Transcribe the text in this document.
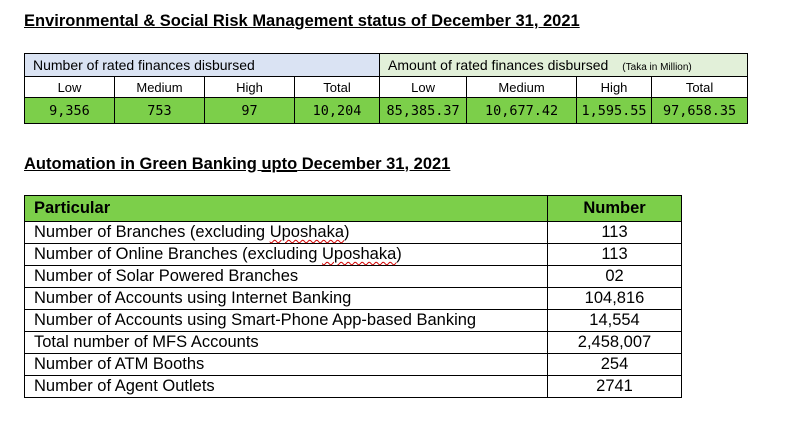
Environmental & Social Risk Management status of December 31, 2021
Number of rated finances disbursed				Amount of rated finances disbursed (Taka in Million)			
Low	Medium	High	Total	Low	Medium	High	Total
9,356	753	97	10,204	85,385.37	10,677.42	1,595.55	97,658.35
Automation in Green Banking upto December 31, 2021
Particular	Number
Number of Branches (excluding Uposhaka)	113
Number of Online Branches (excluding Uposhaka)	113
Number of Solar Powered Branches	02
Number of Accounts using Internet Banking	104,816
Number of Accounts using Smart-Phone App-based Banking	14,554
Total number of MFS Accounts	2,458,007
Number of ATM Booths	254
Number of Agent Outlets	2741
